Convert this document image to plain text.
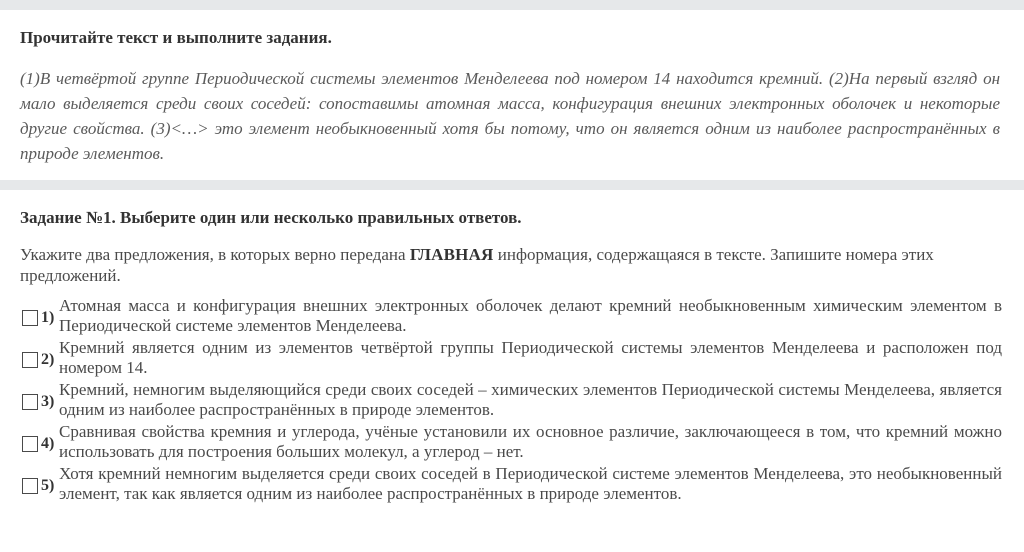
Прочитайте текст и выполните задания.

(1)В четвёртой группе Периодической системы элементов Менделеева под номером 14 находится кремний. (2)На первый взгляд он мало выделяется среди своих соседей: сопоставимы атомная масса, конфигурация внешних электронных оболочек и некоторые другие свойства. (3)<…> это элемент необыкновенный хотя бы потому, что он является одним из наиболее распространённых в природе элементов.

Задание №1. Выберите один или несколько правильных ответов.

Укажите два предложения, в которых верно передана ГЛАВНАЯ информация, содержащаяся в тексте. Запишите номера этих предложений.

1)
Атомная масса и конфигурация внешних электронных оболочек делают кремний необыкновенным химическим элементом в Периодической системе элементов Менделеева.
2)
Кремний является одним из элементов четвёртой группы Периодической системы элементов Менделеева и расположен под номером 14.
3)
Кремний, немногим выделяющийся среди своих соседей – химических элементов Периодической системы Менделеева, является одним из наиболее распространённых в природе элементов.
4)
Сравнивая свойства кремния и углерода, учёные установили их основное различие, заключающееся в том, что кремний можно использовать для построения больших молекул, а углерод – нет.
5)
Хотя кремний немногим выделяется среди своих соседей в Периодической системе элементов Менделеева, это необыкновенный элемент, так как является одним из наиболее распространённых в природе элементов.
